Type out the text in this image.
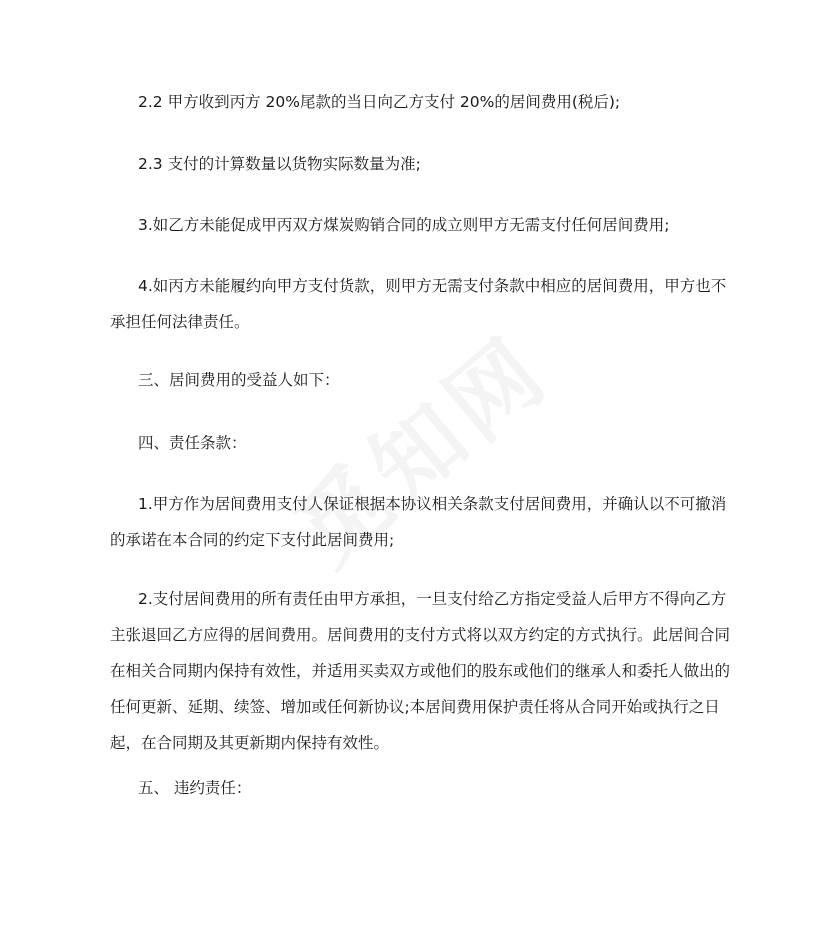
2.2 甲方收到丙方 20%尾款的当日向乙方支付 20%的居间费用(税后);

2.3 支付的计算数量以货物实际数量为准;

3.如乙方未能促成甲丙双方煤炭购销合同的成立则甲方无需支付任何居间费用;

4.如丙方未能履约向甲方支付货款，则甲方无需支付条款中相应的居间费用，甲方也不承担任何法律责任。

三、居间费用的受益人如下：

四、责任条款：

1.甲方作为居间费用支付人保证根据本协议相关条款支付居间费用，并确认以不可撤消的承诺在本合同的约定下支付此居间费用;

2.支付居间费用的所有责任由甲方承担，一旦支付给乙方指定受益人后甲方不得向乙方主张退回乙方应得的居间费用。居间费用的支付方式将以双方约定的方式执行。此居间合同在相关合同期内保持有效性，并适用买卖双方或他们的股东或他们的继承人和委托人做出的任何更新、延期、续签、增加或任何新协议;本居间费用保护责任将从合同开始或执行之日起，在合同期及其更新期内保持有效性。

五、 违约责任：
